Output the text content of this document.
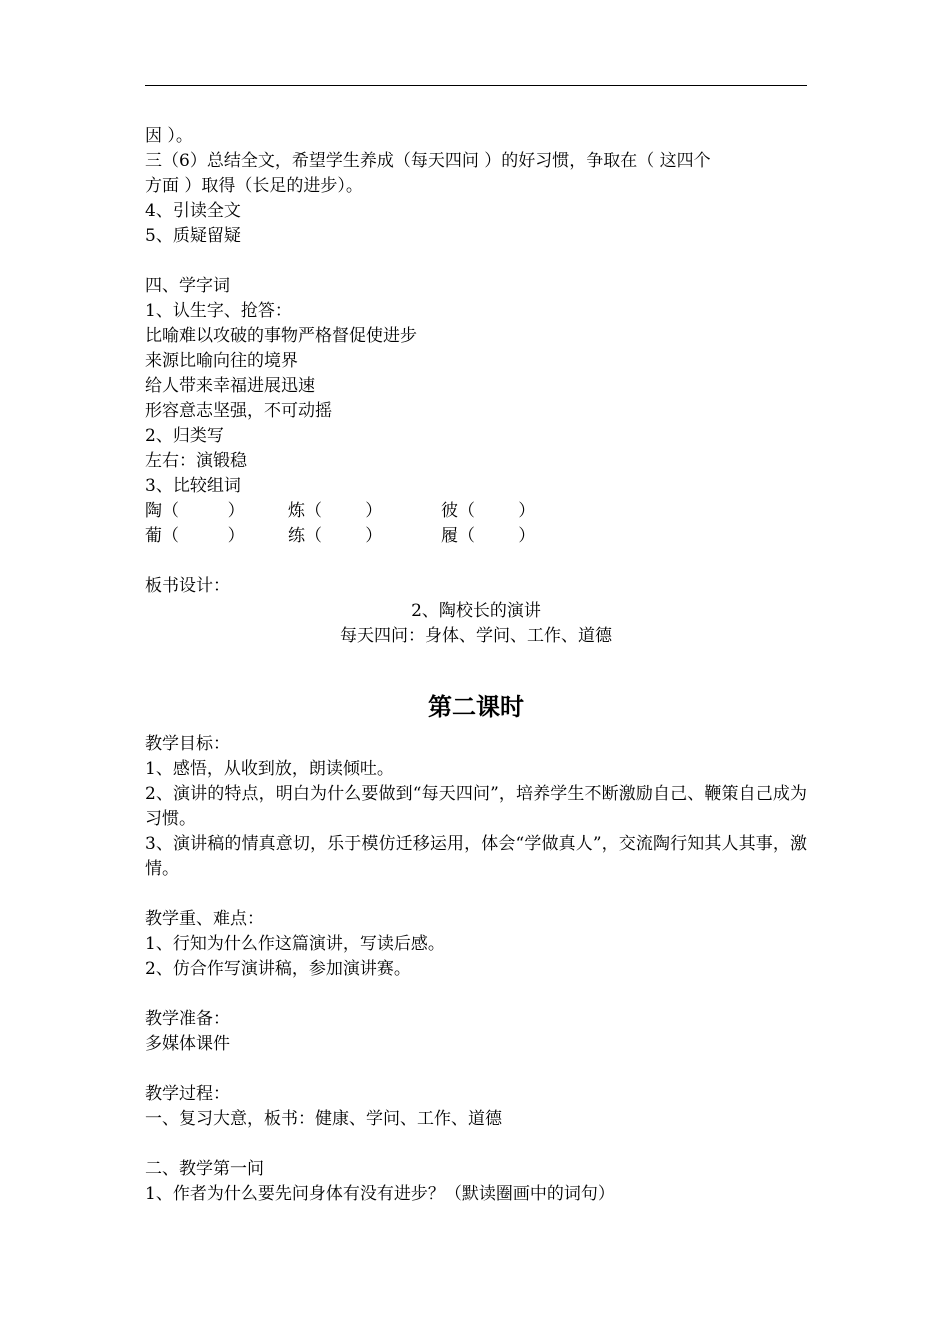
因 ）。
三（6）总结全文，希望学生养成（每天四问 ）的好习惯，争取在（ 这四个
方面 ）取得（长足的进步）。
4、引读全文
5、质疑留疑
四、学字词
1、认生字、抢答：
比喻难以攻破的事物严格督促使进步
来源比喻向往的境界
给人带来幸福进展迅速
形容意志坚强，不可动摇
2、归类写
左右：演锻稳
3、比较组词
陶（         ）	炼（        ）	彼（        ）
葡（         ）	练（        ）	履（        ）
板书设计：
2、陶校长的演讲
每天四问：身体、学问、工作、道德
第二课时
教学目标：
1、感悟，从收到放，朗读倾吐。
2、演讲的特点，明白为什么要做到“每天四问”，培养学生不断激励自己、鞭策自己成为习惯。
3、演讲稿的情真意切，乐于模仿迁移运用，体会“学做真人”，交流陶行知其人其事，激情。
教学重、难点：
1、行知为什么作这篇演讲，写读后感。
2、仿合作写演讲稿，参加演讲赛。
教学准备：
多媒体课件
教学过程：
一、复习大意，板书：健康、学问、工作、道德
二、教学第一问
1、作者为什么要先问身体有没有进步？（默读圈画中的词句）
